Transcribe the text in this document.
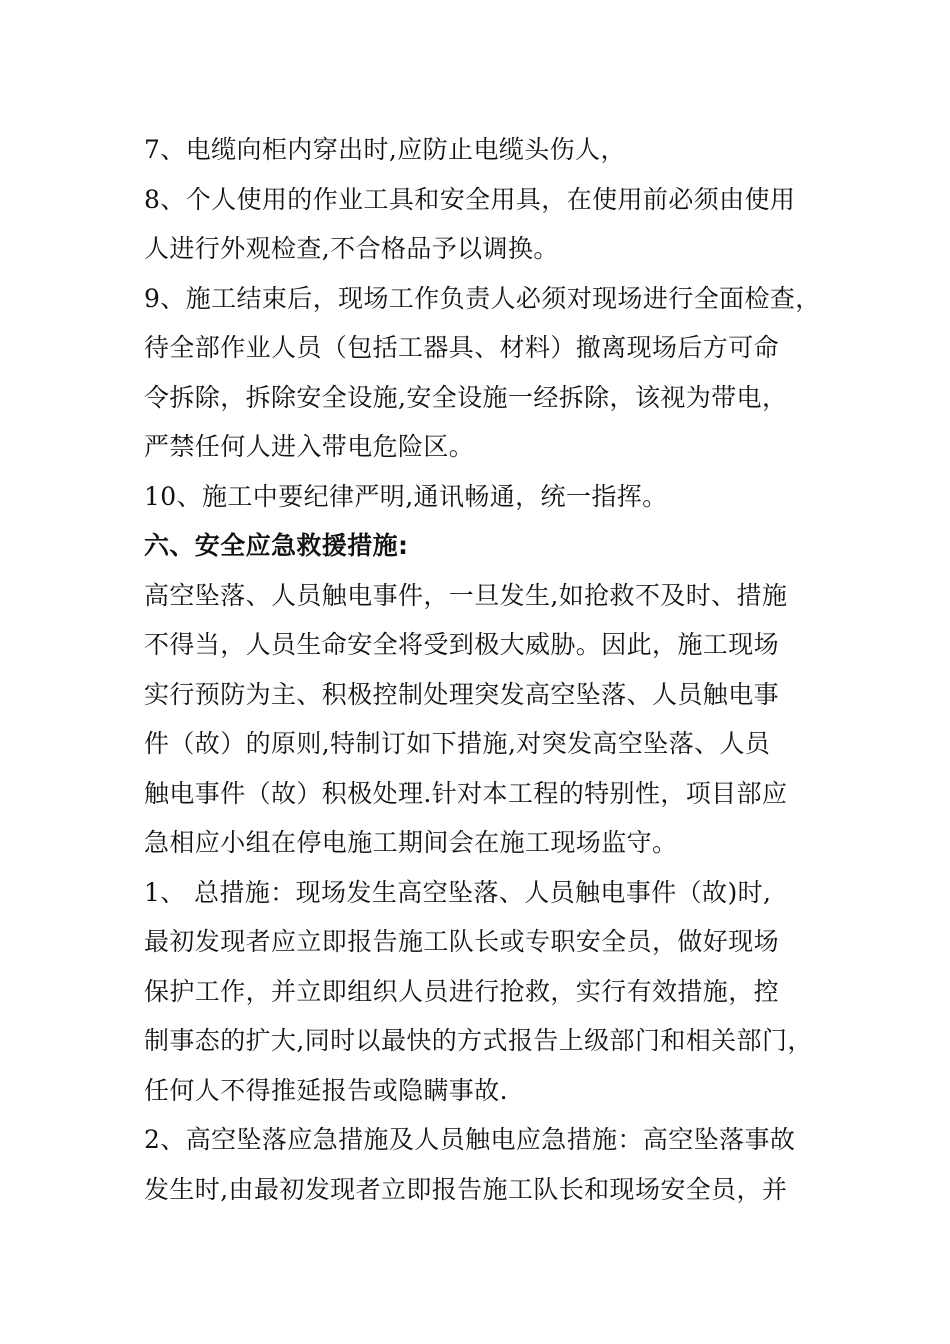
7、电缆向柜内穿出时,应防止电缆头伤人，
8、个人使用的作业工具和安全用具，在使用前必须由使用
人进行外观检查,不合格品予以调换。
9、施工结束后，现场工作负责人必须对现场进行全面检查，
待全部作业人员（包括工器具、材料）撤离现场后方可命
令拆除，拆除安全设施,安全设施一经拆除，该视为带电，
严禁任何人进入带电危险区。
10、施工中要纪律严明,通讯畅通，统一指挥。
六、安全应急救援措施:
高空坠落、人员触电事件，一旦发生,如抢救不及时、措施
不得当，人员生命安全将受到极大威胁。因此，施工现场
实行预防为主、积极控制处理突发高空坠落、人员触电事
件（故）的原则,特制订如下措施,对突发高空坠落、人员
触电事件（故）积极处理.针对本工程的特别性，项目部应
急相应小组在停电施工期间会在施工现场监守。
1、 总措施：现场发生高空坠落、人员触电事件（故)时,
最初发现者应立即报告施工队长或专职安全员，做好现场
保护工作，并立即组织人员进行抢救，实行有效措施，控
制事态的扩大,同时以最快的方式报告上级部门和相关部门，
任何人不得推延报告或隐瞒事故.
2、高空坠落应急措施及人员触电应急措施：高空坠落事故
发生时,由最初发现者立即报告施工队长和现场安全员，并
